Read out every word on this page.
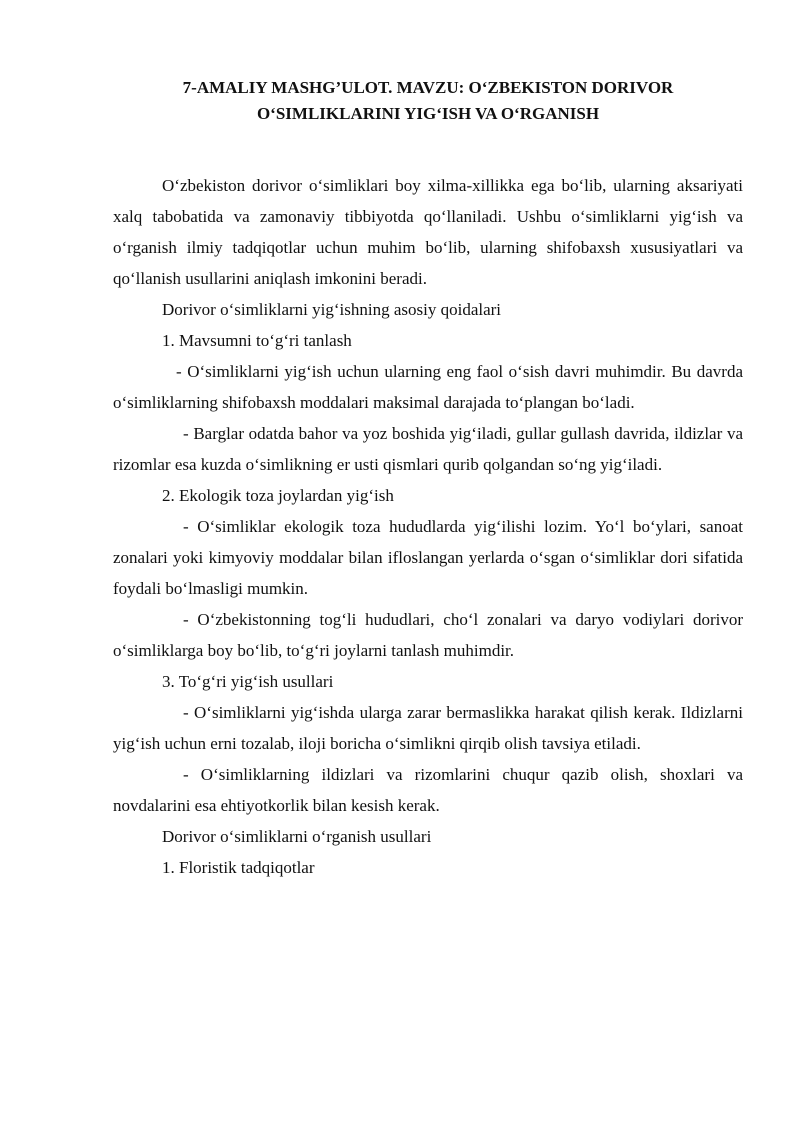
7-AMALIY MASHG’ULOT. MAVZU: O‘ZBEKISTON DORIVOR
O‘SIMLIKLARINI YIG‘ISH VA O‘RGANISH

O‘zbekiston dorivor o‘simliklari boy xilma-xillikka ega bo‘lib, ularning aksariyati xalq tabobatida va zamonaviy tibbiyotda qo‘llaniladi. Ushbu o‘simliklarni yig‘ish va o‘rganish ilmiy tadqiqotlar uchun muhim bo‘lib, ularning shifobaxsh xususiyatlari va qo‘llanish usullarini aniqlash imkonini beradi.

Dorivor o‘simliklarni yig‘ishning asosiy qoidalari

1. Mavsumni to‘g‘ri tanlash

- O‘simliklarni yig‘ish uchun ularning eng faol o‘sish davri muhimdir. Bu davrda o‘simliklarning shifobaxsh moddalari maksimal darajada to‘plangan bo‘ladi.

- Barglar odatda bahor va yoz boshida yig‘iladi, gullar gullash davrida, ildizlar va rizomlar esa kuzda o‘simlikning er usti qismlari qurib qolgandan so‘ng yig‘iladi.

2. Ekologik toza joylardan yig‘ish

- O‘simliklar ekologik toza hududlarda yig‘ilishi lozim. Yo‘l bo‘ylari, sanoat zonalari yoki kimyoviy moddalar bilan ifloslangan yerlarda o‘sgan o‘simliklar dori sifatida foydali bo‘lmasligi mumkin.

- O‘zbekistonning tog‘li hududlari, cho‘l zonalari va daryo vodiylari dorivor o‘simliklarga boy bo‘lib, to‘g‘ri joylarni tanlash muhimdir.

3. To‘g‘ri yig‘ish usullari

- O‘simliklarni yig‘ishda ularga zarar bermaslikka harakat qilish kerak. Ildizlarni yig‘ish uchun erni tozalab, iloji boricha o‘simlikni qirqib olish tavsiya etiladi.

- O‘simliklarning ildizlari va rizomlarini chuqur qazib olish, shoxlari va novdalarini esa ehtiyotkorlik bilan kesish kerak.

Dorivor o‘simliklarni o‘rganish usullari

1. Floristik tadqiqotlar
